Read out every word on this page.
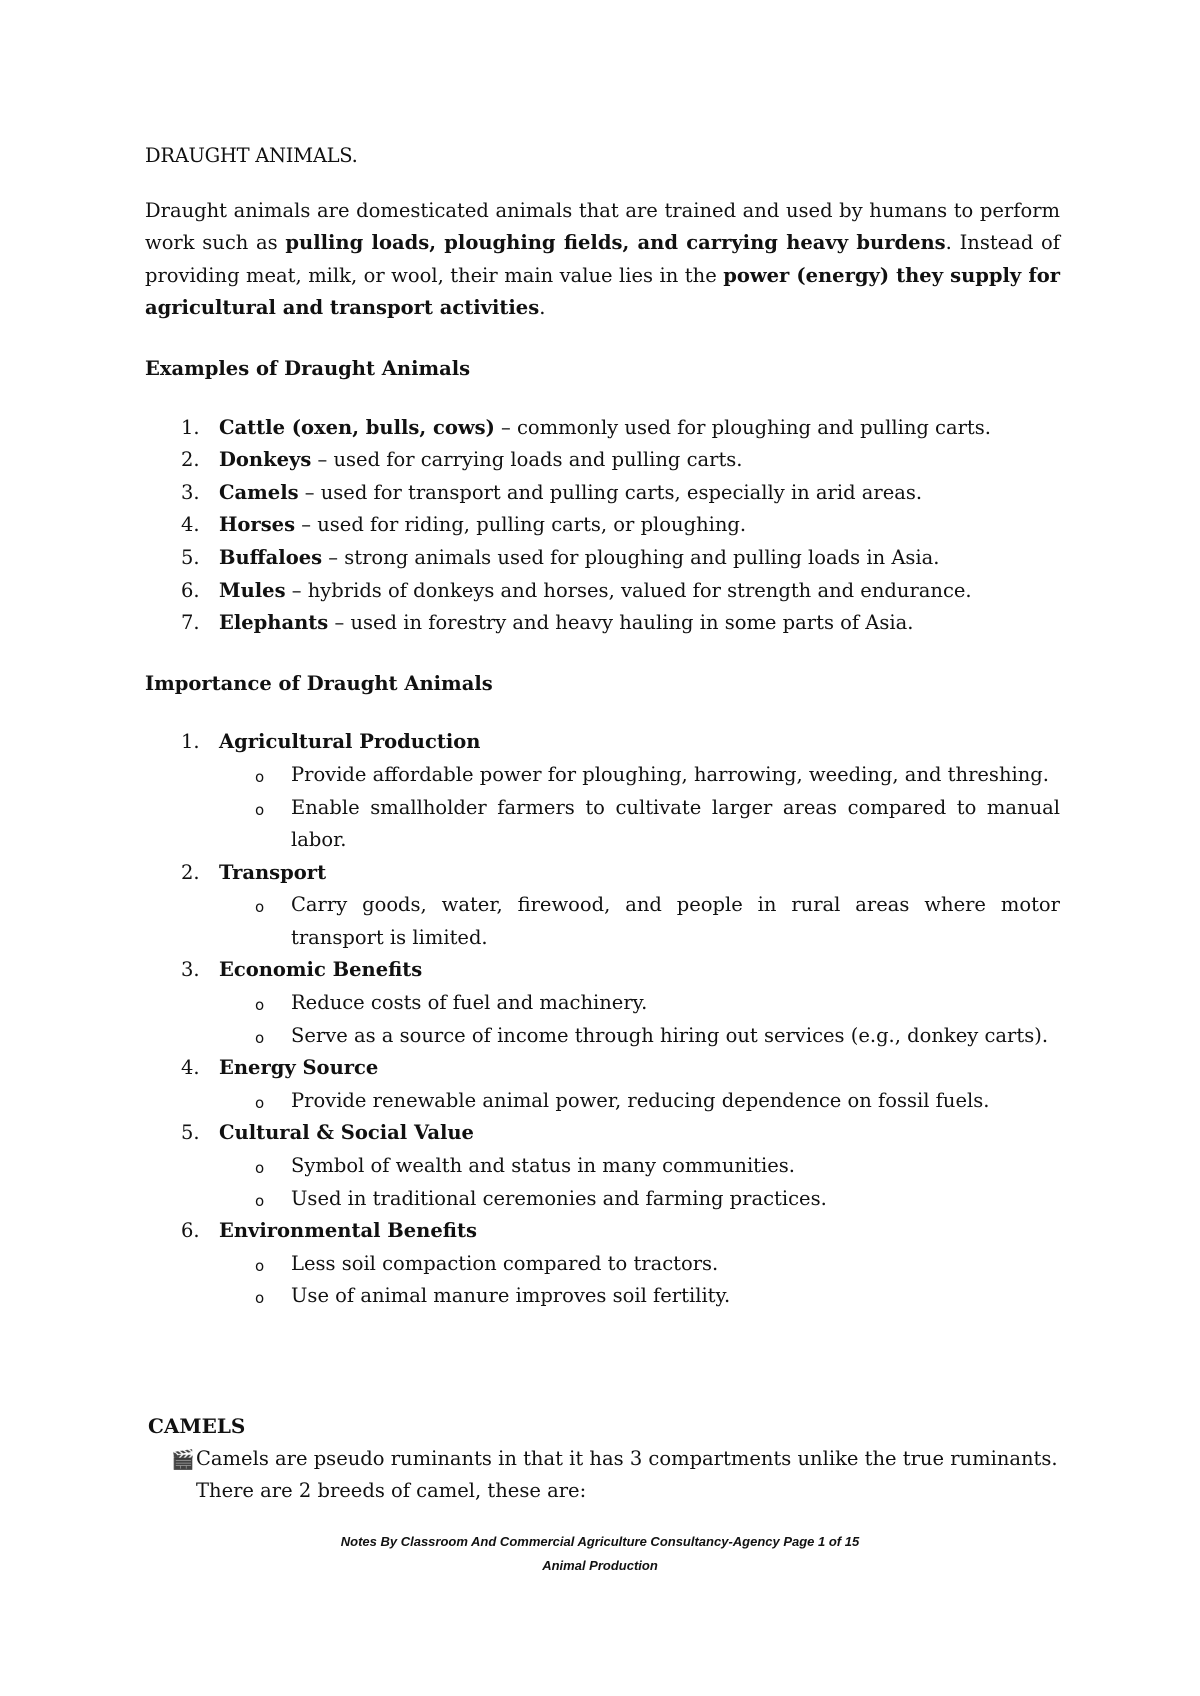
DRAUGHT ANIMALS.

Draught animals are domesticated animals that are trained and used by humans to perform work such as pulling loads, ploughing fields, and carrying heavy burdens. Instead of providing meat, milk, or wool, their main value lies in the power (energy) they supply for agricultural and transport activities.

Examples of Draught Animals

1. Cattle (oxen, bulls, cows) – commonly used for ploughing and pulling carts.
2. Donkeys – used for carrying loads and pulling carts.
3. Camels – used for transport and pulling carts, especially in arid areas.
4. Horses – used for riding, pulling carts, or ploughing.
5. Buffaloes – strong animals used for ploughing and pulling loads in Asia.
6. Mules – hybrids of donkeys and horses, valued for strength and endurance.
7. Elephants – used in forestry and heavy hauling in some parts of Asia.

Importance of Draught Animals

1. Agricultural Production
o Provide affordable power for ploughing, harrowing, weeding, and threshing.
o Enable smallholder farmers to cultivate larger areas compared to manual labor.
2. Transport
o Carry goods, water, firewood, and people in rural areas where motor transport is limited.
3. Economic Benefits
o Reduce costs of fuel and machinery.
o Serve as a source of income through hiring out services (e.g., donkey carts).
4. Energy Source
o Provide renewable animal power, reducing dependence on fossil fuels.
5. Cultural & Social Value
o Symbol of wealth and status in many communities.
o Used in traditional ceremonies and farming practices.
6. Environmental Benefits
o Less soil compaction compared to tractors.
o Use of animal manure improves soil fertility.

CAMELS

🎬 Camels are pseudo ruminants in that it has 3 compartments unlike the true ruminants. There are 2 breeds of camel, these are:

Notes By Classroom And Commercial Agriculture Consultancy-Agency Page 1 of 15
Animal Production
